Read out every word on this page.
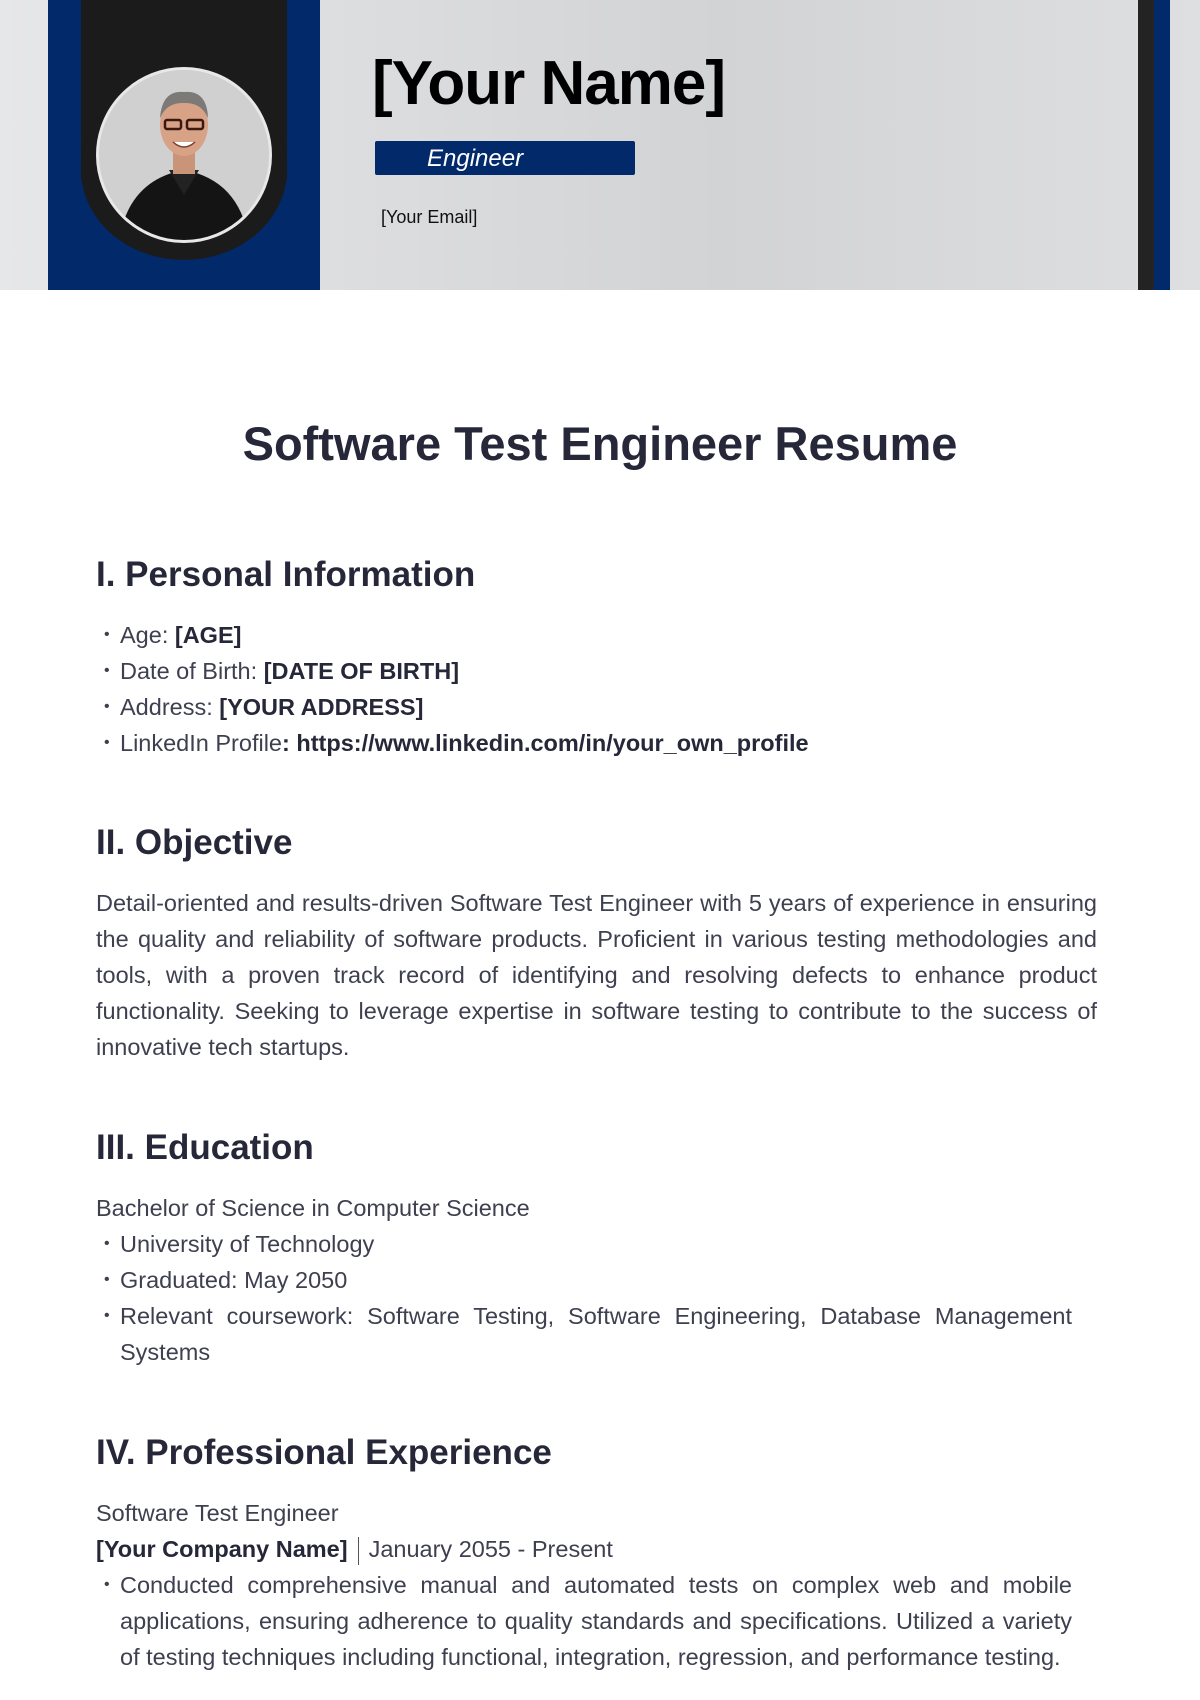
[Your Name]
Engineer
[Your Email]
Software Test Engineer Resume
I. Personal Information
• Age: [AGE]
• Date of Birth: [DATE OF BIRTH]
• Address: [YOUR ADDRESS]
• LinkedIn Profile: https://www.linkedin.com/in/your_own_profile
II. Objective

Detail-oriented and results-driven Software Test Engineer with 5 years of experience in ensuring the quality and reliability of software products. Proficient in various testing methodologies and tools, with a proven track record of identifying and resolving defects to enhance product functionality. Seeking to leverage expertise in software testing to contribute to the success of innovative tech startups.

III. Education
Bachelor of Science in Computer Science
• University of Technology
• Graduated: May 2050
• Relevant coursework: Software Testing, Software Engineering, Database Management Systems
IV. Professional Experience
Software Test Engineer
[Your Company Name] January 2055 - Present
• Conducted comprehensive manual and automated tests on complex web and mobile applications, ensuring adherence to quality standards and specifications. Utilized a variety of testing techniques including functional, integration, regression, and performance testing.
